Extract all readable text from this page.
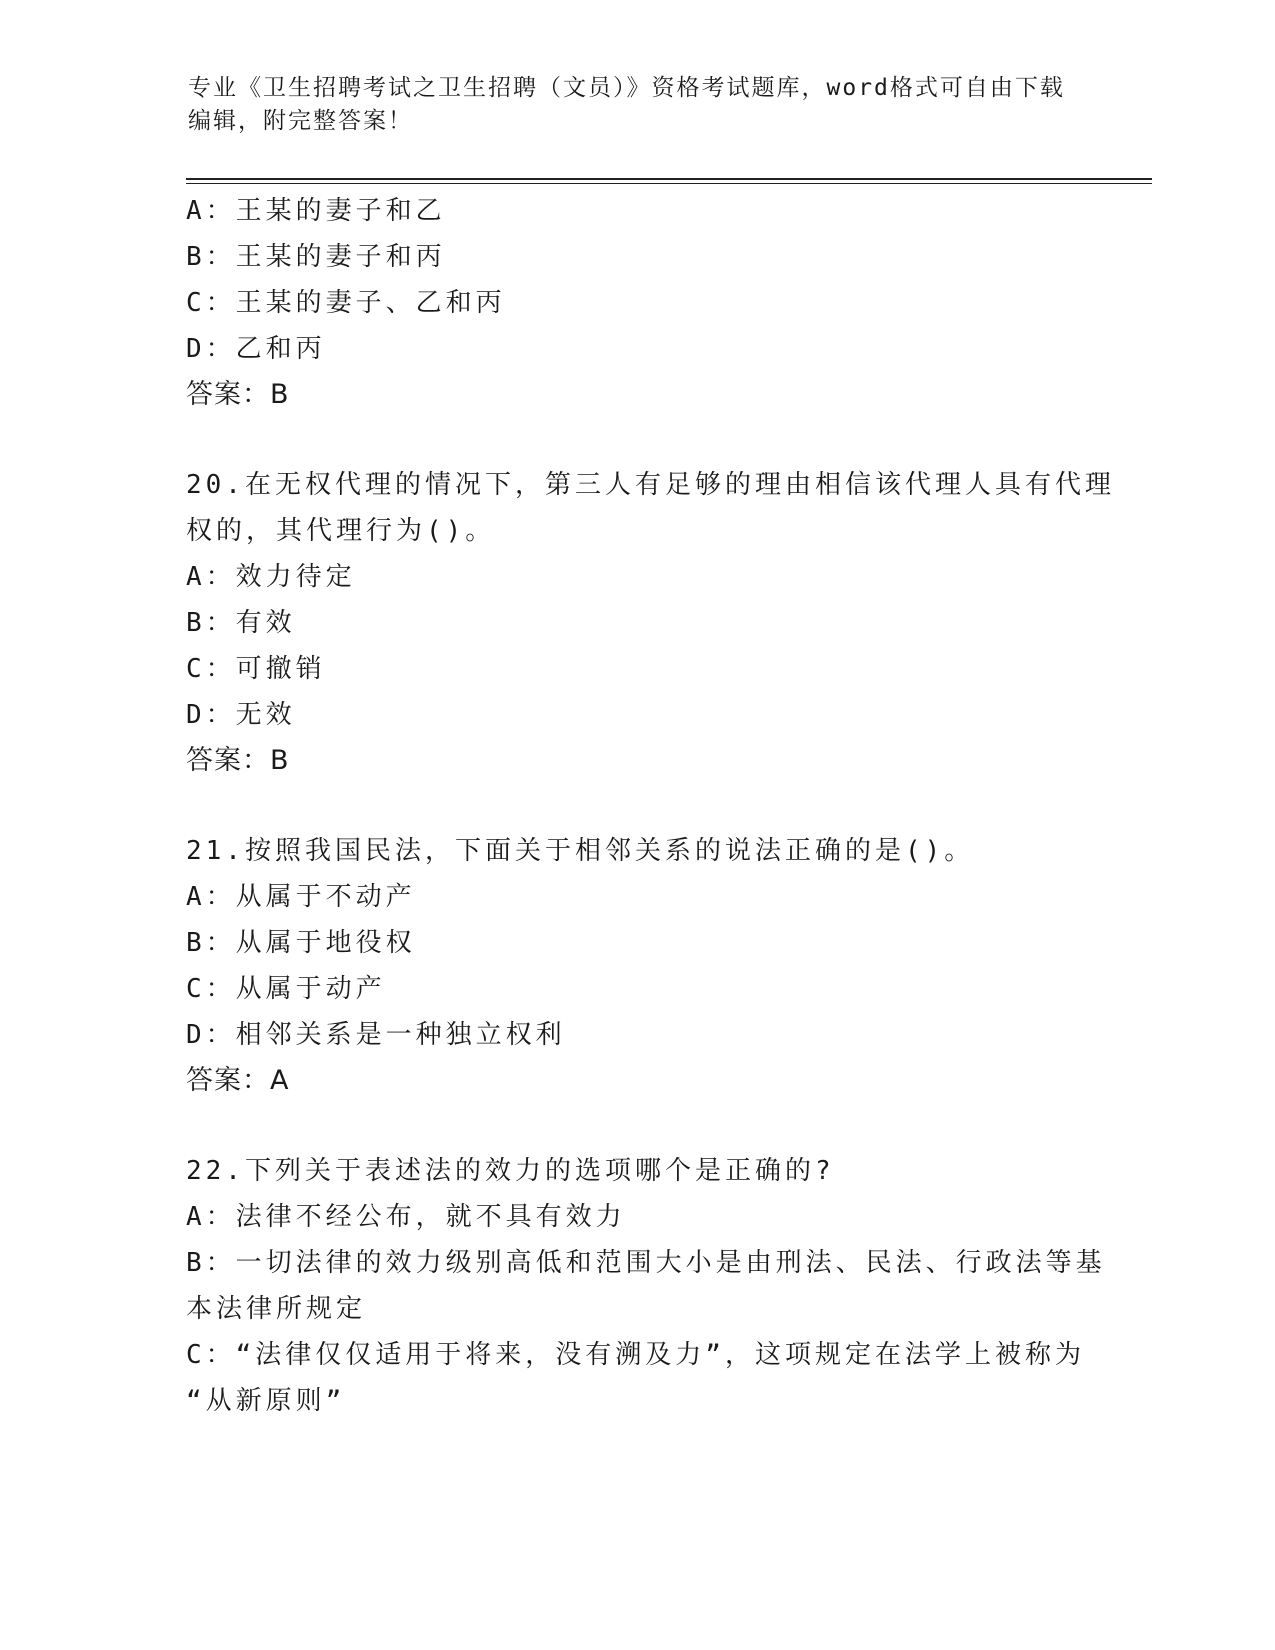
专业《卫生招聘考试之卫生招聘（文员）》资格考试题库，word格式可自由下载编辑，附完整答案！
A：王某的妻子和乙
B：王某的妻子和丙
C：王某的妻子、乙和丙
D：乙和丙
答案：B
20.在无权代理的情况下，第三人有足够的理由相信该代理人具有代理
权的，其代理行为()。
A：效力待定
B：有效
C：可撤销
D：无效
答案：B
21.按照我国民法，下面关于相邻关系的说法正确的是()。
A：从属于不动产
B：从属于地役权
C：从属于动产
D：相邻关系是一种独立权利
答案：A
22.下列关于表述法的效力的选项哪个是正确的?
A：法律不经公布，就不具有效力
B：一切法律的效力级别高低和范围大小是由刑法、民法、行政法等基
本法律所规定
C：“法律仅仅适用于将来，没有溯及力”，这项规定在法学上被称为
“从新原则”
